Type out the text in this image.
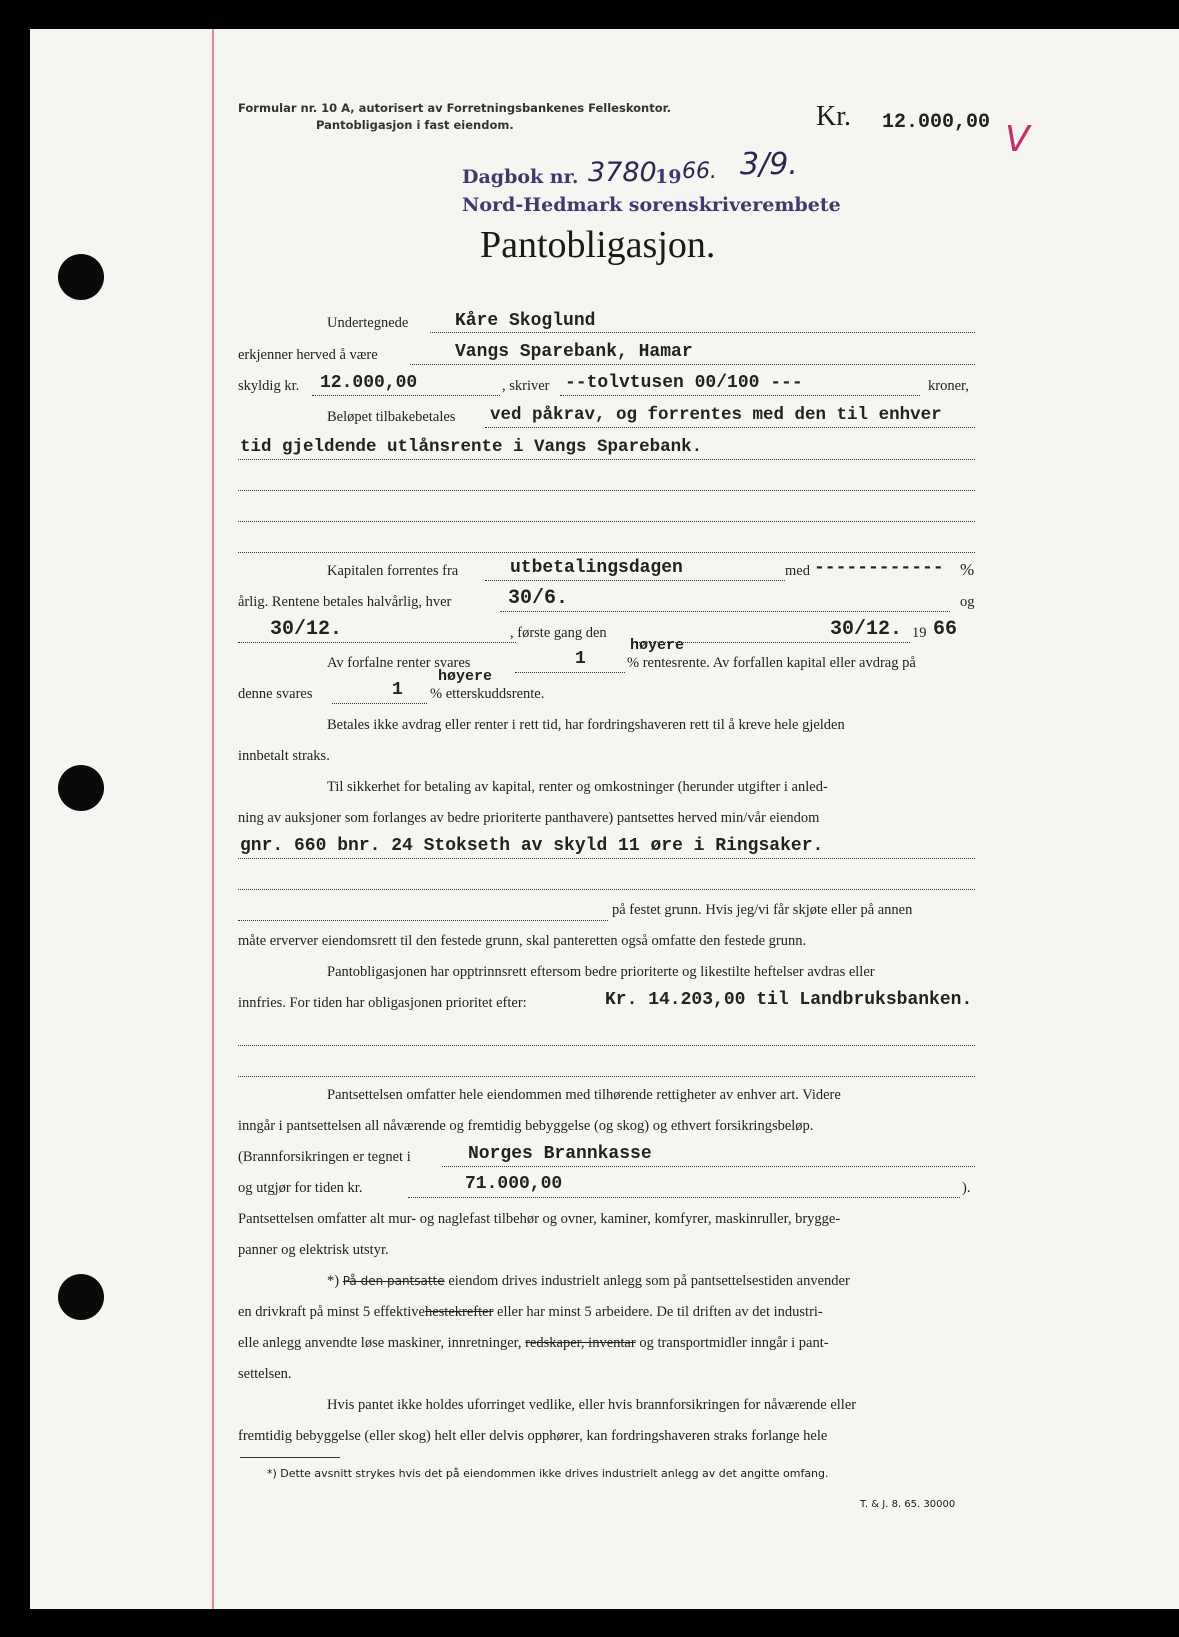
Formular nr. 10 A, autorisert av Forretningsbankenes Felleskontor.
Pantobligasjon i fast eiendom.	Kr. 12.000,00 V
Dagbok nr. 3780
19 66. 3/9.
Nord-Hedmark sorenskriverembete
Pantobligasjon.
Undertegnede	Kåre Skoglund
erkjenner herved å være	Vangs Sparebank, Hamar
skyldig kr. 12.000,00	, skriver --tolvtusen 00/100 ---	kroner,
Beløpet tilbakebetales ved påkrav, og forrentes med den til enhver
tid gjeldende utlånsrente i Vangs Sparebank.
Kapitalen forrentes fra	utbetalingsdagen	med ------------ %
årlig. Rentene betales halvårlig, hver	30/6.	og
30/12.	, første gang den	30/12. 19 66
Av forfalne renter svares	1
høyere
% rentesrente. Av forfallen kapital eller avdrag på
denne svares	1
høyere
% etterskuddsrente.
Betales ikke avdrag eller renter i rett tid, har fordringshaveren rett til å kreve hele gjelden
innbetalt straks.
Til sikkerhet for betaling av kapital, renter og omkostninger (herunder utgifter i anled-
ning av auksjoner som forlanges av bedre prioriterte panthavere) pantsettes herved min/vår eiendom
gnr. 660 bnr. 24 Stokseth av skyld 11 øre i Ringsaker.
på festet grunn. Hvis jeg/vi får skjøte eller på annen
måte erverver eiendomsrett til den festede grunn, skal panteretten også omfatte den festede grunn.
Pantobligasjonen har opptrinnsrett eftersom bedre prioriterte og likestilte heftelser avdras eller
innfries. For tiden har obligasjonen prioritet efter:	Kr. 14.203,00 til Landbruksbanken.
Pantsettelsen omfatter hele eiendommen med tilhørende rettigheter av enhver art. Videre
inngår i pantsettelsen all nåværende og fremtidig bebyggelse (og skog) og ethvert forsikringsbeløp.
(Brannforsikringen er tegnet i	Norges Brannkasse
og utgjør for tiden kr.	71.000,00	).
Pantsettelsen omfatter alt mur- og naglefast tilbehør og ovner, kaminer, komfyrer, maskinruller, brygge-
panner og elektrisk utstyr.
*) På den pantsatte eiendom drives industrielt anlegg som på pantsettelsestiden anvender
en drivkraft på minst 5 effektivehestekrefter eller har minst 5 arbeidere. De til driften av det industri-
elle anlegg anvendte løse maskiner, innretninger, redskaper, inventar og transportmidler inngår i pant-
settelsen.
Hvis pantet ikke holdes uforringet vedlike, eller hvis brannforsikringen for nåværende eller
fremtidig bebyggelse (eller skog) helt eller delvis opphører, kan fordringshaveren straks forlange hele
*) Dette avsnitt strykes hvis det på eiendommen ikke drives industrielt anlegg av det angitte omfang.
T. & J. 8. 65. 30000
